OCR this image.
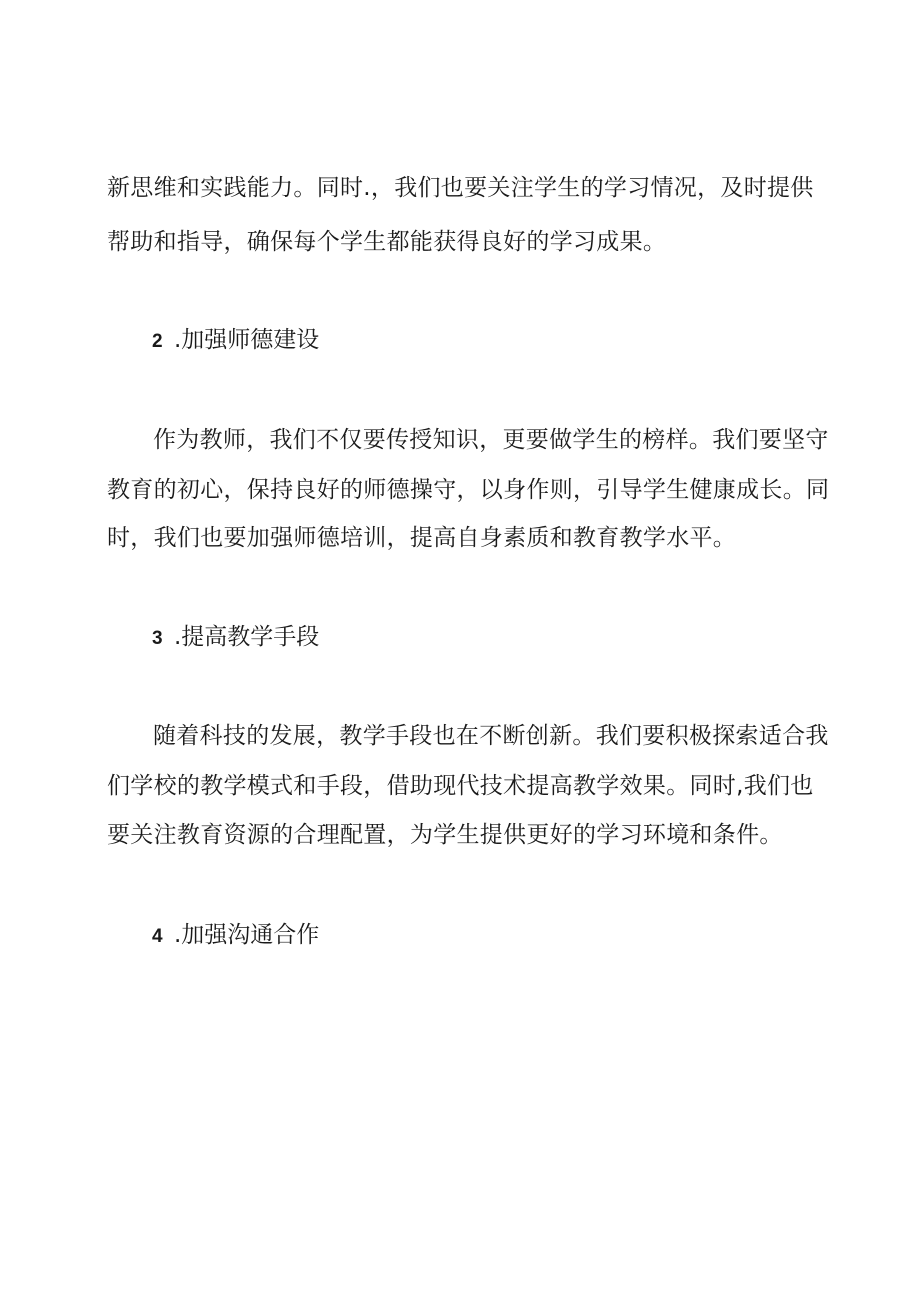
新思维和实践能力。同时.，我们也要关注学生的学习情况，及时提供
帮助和指导，确保每个学生都能获得良好的学习成果。
2 .加强师德建设
作为教师，我们不仅要传授知识，更要做学生的榜样。我们要坚守
教育的初心，保持良好的师德操守，以身作则，引导学生健康成长。同
时，我们也要加强师德培训，提高自身素质和教育教学水平。
3 .提高教学手段
随着科技的发展，教学手段也在不断创新。我们要积极探索适合我
们学校的教学模式和手段，借助现代技术提高教学效果。同时,我们也
要关注教育资源的合理配置，为学生提供更好的学习环境和条件。
4 .加强沟通合作
